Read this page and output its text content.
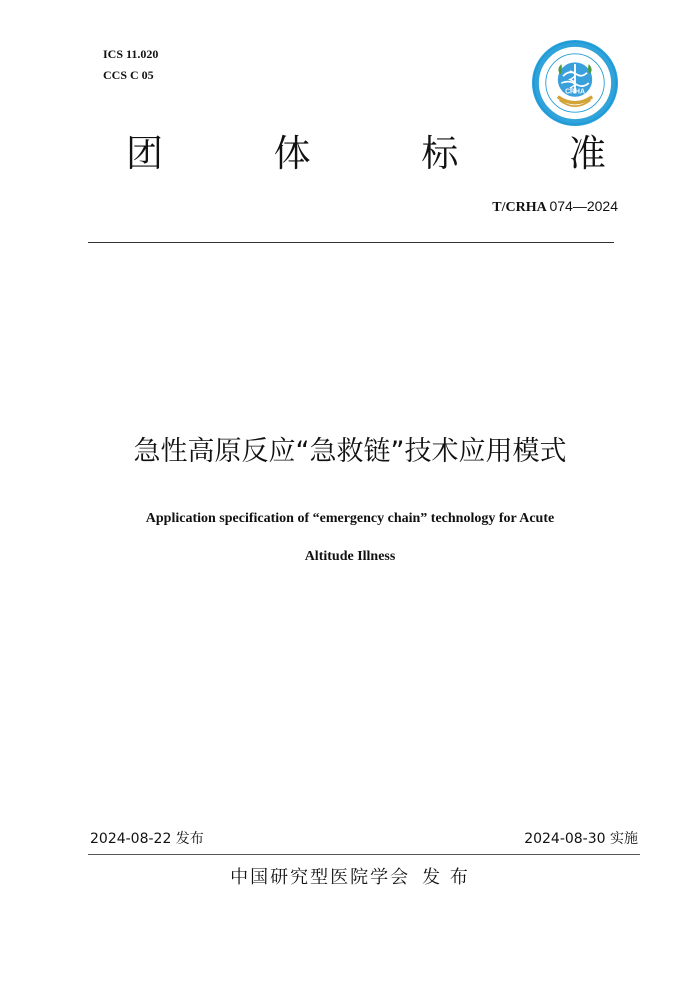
ICS 11.020
CCS C 05
CRHA
团	体	标	准
T/CRHA 074—2024
急性高原反应“急救链”技术应用模式
Application specification of “emergency chain” technology for Acute
Altitude Illness
2024-08-22 发布	2024-08-30 实施
中国研究型医院学会 发 布
